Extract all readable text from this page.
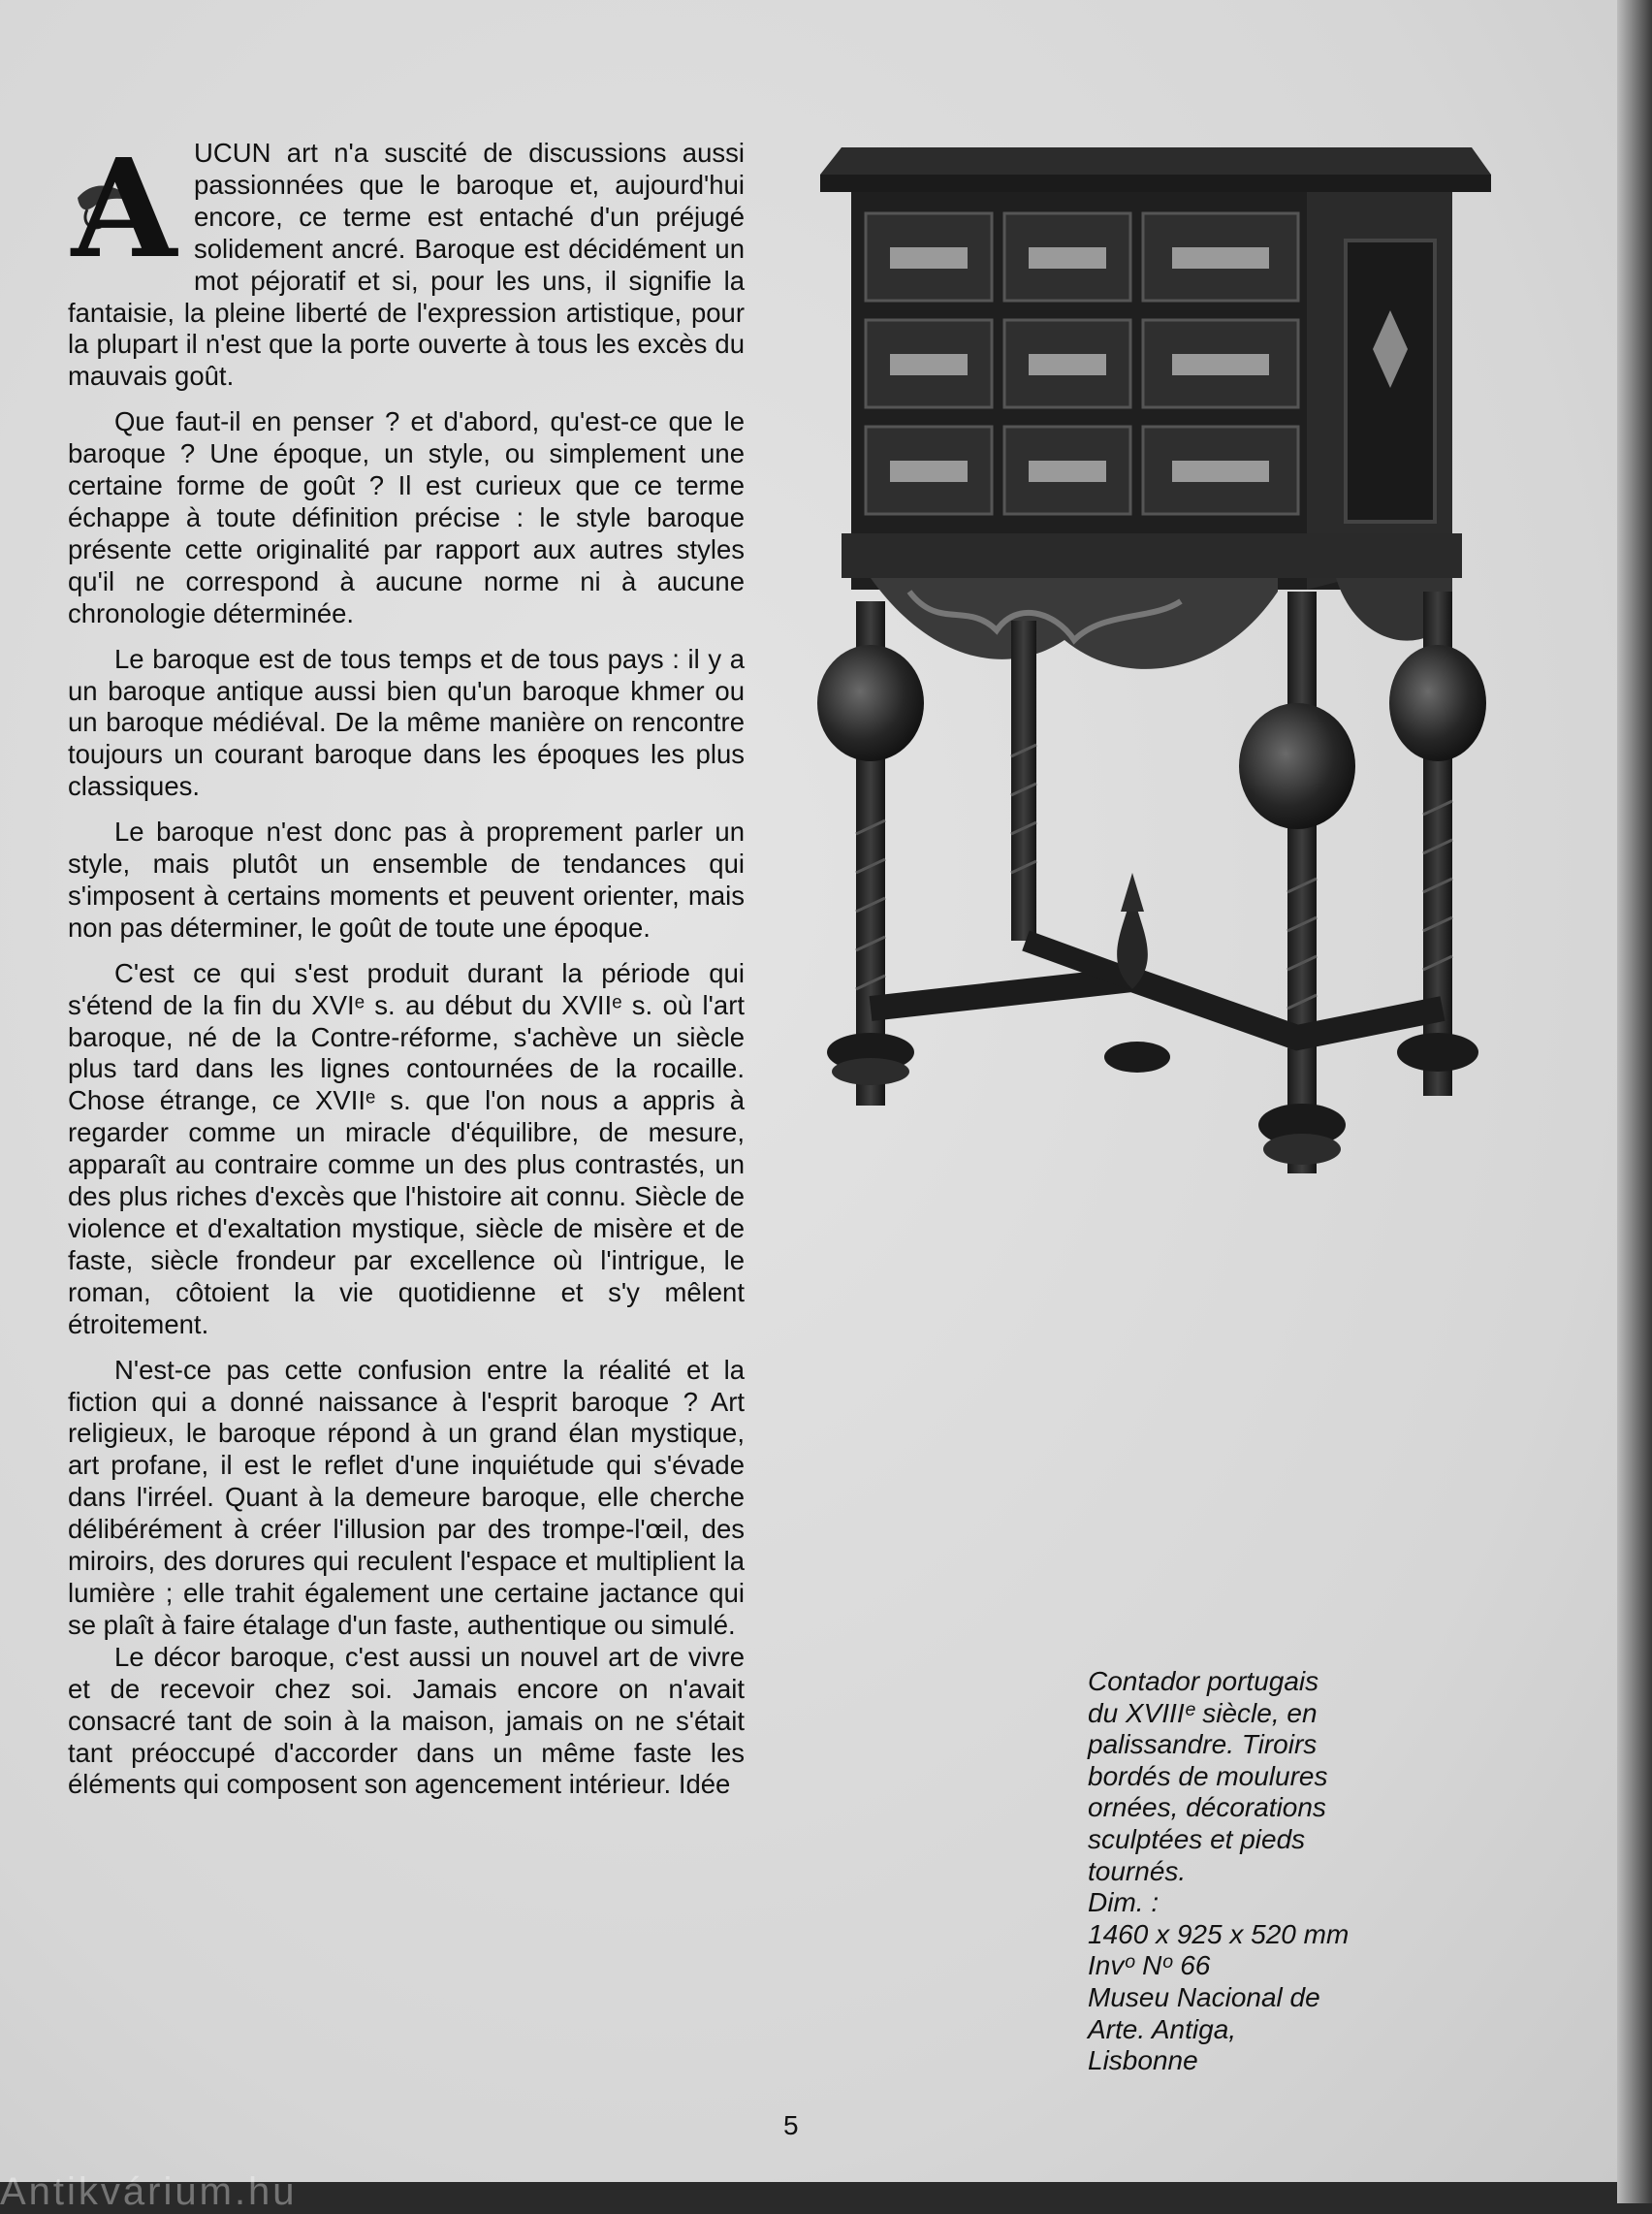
A UCUN art n'a suscité de discussions aussi passionnées que le baroque et, aujourd'hui encore, ce terme est entaché d'un préjugé solidement ancré. Baroque est décidément un mot péjoratif et si, pour les uns, il signifie la fantaisie, la pleine liberté de l'expression artistique, pour la plupart il n'est que la porte ouverte à tous les excès du mauvais goût.

Que faut-il en penser ? et d'abord, qu'est-ce que le baroque ? Une époque, un style, ou simplement une certaine forme de goût ? Il est curieux que ce terme échappe à toute définition précise : le style baroque présente cette originalité par rapport aux autres styles qu'il ne correspond à aucune norme ni à aucune chronologie déterminée.

Le baroque est de tous temps et de tous pays : il y a un baroque antique aussi bien qu'un baroque khmer ou un baroque médiéval. De la même manière on rencontre toujours un courant baroque dans les époques les plus classiques.

Le baroque n'est donc pas à proprement parler un style, mais plutôt un ensemble de tendances qui s'imposent à certains moments et peuvent orienter, mais non pas déterminer, le goût de toute une époque.

C'est ce qui s'est produit durant la période qui s'étend de la fin du XVIᵉ s. au début du XVIIᵉ s. où l'art baroque, né de la Contre-réforme, s'achève un siècle plus tard dans les lignes contournées de la rocaille. Chose étrange, ce XVIIᵉ s. que l'on nous a appris à regarder comme un miracle d'équilibre, de mesure, apparaît au contraire comme un des plus contrastés, un des plus riches d'excès que l'histoire ait connu. Siècle de violence et d'exaltation mystique, siècle de misère et de faste, siècle frondeur par excellence où l'intrigue, le roman, côtoient la vie quotidienne et s'y mêlent étroitement.

N'est-ce pas cette confusion entre la réalité et la fiction qui a donné naissance à l'esprit baroque ? Art religieux, le baroque répond à un grand élan mystique, art profane, il est le reflet d'une inquiétude qui s'évade dans l'irréel. Quant à la demeure baroque, elle cherche délibérément à créer l'illusion par des trompe-l'œil, des miroirs, des dorures qui reculent l'espace et multiplient la lumière ; elle trahit également une certaine jactance qui se plaît à faire étalage d'un faste, authentique ou simulé.

Le décor baroque, c'est aussi un nouvel art de vivre et de recevoir chez soi. Jamais encore on n'avait consacré tant de soin à la maison, jamais on ne s'était tant préoccupé d'accorder dans un même faste les éléments qui composent son agencement intérieur. Idée

Contador portugais
du XVIIIᵉ siècle, en
palissandre. Tiroirs
bordés de moulures
ornées, décorations
sculptées et pieds
tournés.
Dim. :
1460 x 925 x 520 mm
Invᵒ Nᵒ 66
Museu Nacional de
Arte. Antiga,
Lisbonne
5
Antikvárium.hu
